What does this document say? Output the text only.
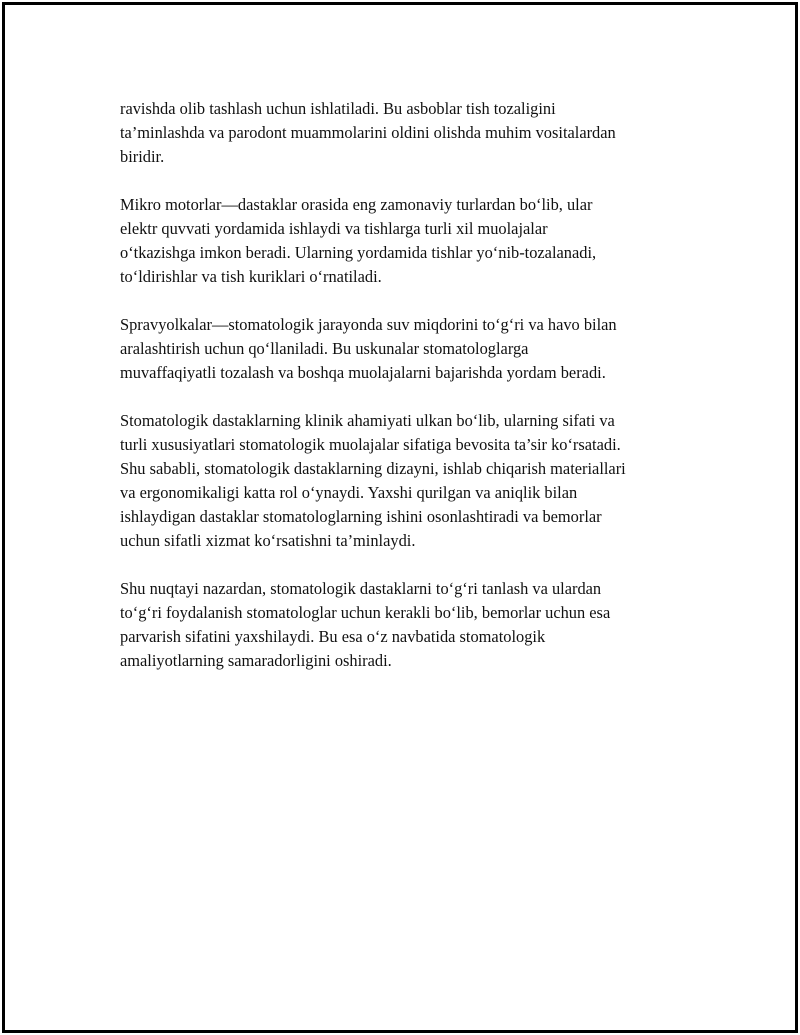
ravishda olib tashlash uchun ishlatiladi. Bu asboblar tish tozaligini
ta’minlashda va parodont muammolarini oldini olishda muhim vositalardan
biridir.

Mikro motorlar—dastaklar orasida eng zamonaviy turlardan bo‘lib, ular
elektr quvvati yordamida ishlaydi va tishlarga turli xil muolajalar
o‘tkazishga imkon beradi. Ularning yordamida tishlar yo‘nib-tozalanadi,
to‘ldirishlar va tish kuriklari o‘rnatiladi.

Spravyolkalar—stomatologik jarayonda suv miqdorini to‘g‘ri va havo bilan
aralashtirish uchun qo‘llaniladi. Bu uskunalar stomatologlarga
muvaffaqiyatli tozalash va boshqa muolajalarni bajarishda yordam beradi.

Stomatologik dastaklarning klinik ahamiyati ulkan bo‘lib, ularning sifati va
turli xususiyatlari stomatologik muolajalar sifatiga bevosita ta’sir ko‘rsatadi.
Shu sababli, stomatologik dastaklarning dizayni, ishlab chiqarish materiallari
va ergonomikaligi katta rol o‘ynaydi. Yaxshi qurilgan va aniqlik bilan
ishlaydigan dastaklar stomatologlarning ishini osonlashtiradi va bemorlar
uchun sifatli xizmat ko‘rsatishni ta’minlaydi.

Shu nuqtayi nazardan, stomatologik dastaklarni to‘g‘ri tanlash va ulardan
to‘g‘ri foydalanish stomatologlar uchun kerakli bo‘lib, bemorlar uchun esa
parvarish sifatini yaxshilaydi. Bu esa o‘z navbatida stomatologik
amaliyotlarning samaradorligini oshiradi.
